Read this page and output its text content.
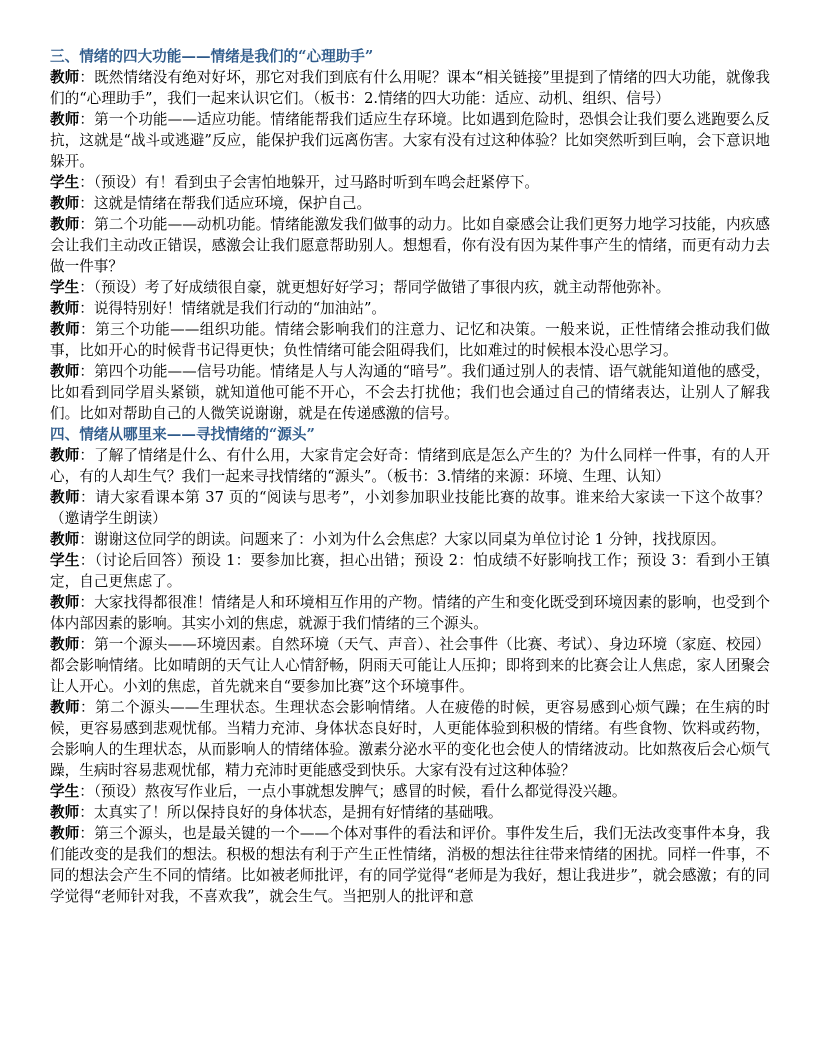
三、情绪的四大功能——情绪是我们的“心理助手”
教师：既然情绪没有绝对好坏，那它对我们到底有什么用呢？课本“相关链接”里提到了情绪的四大功能，就像我们的“心理助手”，我们一起来认识它们。（板书：2.情绪的四大功能：适应、动机、组织、信号）
教师：第一个功能——适应功能。情绪能帮我们适应生存环境。比如遇到危险时，恐惧会让我们要么逃跑要么反抗，这就是“战斗或逃避”反应，能保护我们远离伤害。大家有没有过这种体验？比如突然听到巨响，会下意识地躲开。
学生：（预设）有！看到虫子会害怕地躲开，过马路时听到车鸣会赶紧停下。
教师：这就是情绪在帮我们适应环境，保护自己。
教师：第二个功能——动机功能。情绪能激发我们做事的动力。比如自豪感会让我们更努力地学习技能，内疚感会让我们主动改正错误，感激会让我们愿意帮助别人。想想看，你有没有因为某件事产生的情绪，而更有动力去做一件事？
学生：（预设）考了好成绩很自豪，就更想好好学习；帮同学做错了事很内疚，就主动帮他弥补。
教师：说得特别好！情绪就是我们行动的“加油站”。
教师：第三个功能——组织功能。情绪会影响我们的注意力、记忆和决策。一般来说，正性情绪会推动我们做事，比如开心的时候背书记得更快；负性情绪可能会阻碍我们，比如难过的时候根本没心思学习。
教师：第四个功能——信号功能。情绪是人与人沟通的“暗号”。我们通过别人的表情、语气就能知道他的感受，比如看到同学眉头紧锁，就知道他可能不开心，不会去打扰他；我们也会通过自己的情绪表达，让别人了解我们。比如对帮助自己的人微笑说谢谢，就是在传递感激的信号。
四、情绪从哪里来——寻找情绪的“源头”
教师：了解了情绪是什么、有什么用，大家肯定会好奇：情绪到底是怎么产生的？为什么同样一件事，有的人开心，有的人却生气？我们一起来寻找情绪的“源头”。（板书：3.情绪的来源：环境、生理、认知）
教师：请大家看课本第 37 页的“阅读与思考”，小刘参加职业技能比赛的故事。谁来给大家读一下这个故事？（邀请学生朗读）
教师：谢谢这位同学的朗读。问题来了：小刘为什么会焦虑？大家以同桌为单位讨论 1 分钟，找找原因。
学生：（讨论后回答）预设 1：要参加比赛，担心出错；预设 2：怕成绩不好影响找工作；预设 3：看到小王镇定，自己更焦虑了。
教师：大家找得都很准！情绪是人和环境相互作用的产物。情绪的产生和变化既受到环境因素的影响，也受到个体内部因素的影响。其实小刘的焦虑，就源于我们情绪的三个源头。
教师：第一个源头——环境因素。自然环境（天气、声音）、社会事件（比赛、考试）、身边环境（家庭、校园）都会影响情绪。比如晴朗的天气让人心情舒畅，阴雨天可能让人压抑；即将到来的比赛会让人焦虑，家人团聚会让人开心。小刘的焦虑，首先就来自“要参加比赛”这个环境事件。
教师：第二个源头——生理状态。生理状态会影响情绪。人在疲倦的时候，更容易感到心烦气躁；在生病的时候，更容易感到悲观忧郁。当精力充沛、身体状态良好时，人更能体验到积极的情绪。有些食物、饮料或药物，会影响人的生理状态，从而影响人的情绪体验。激素分泌水平的变化也会使人的情绪波动。比如熬夜后会心烦气躁，生病时容易悲观忧郁，精力充沛时更能感受到快乐。大家有没有过这种体验？
学生：（预设）熬夜写作业后，一点小事就想发脾气；感冒的时候，看什么都觉得没兴趣。
教师：太真实了！所以保持良好的身体状态，是拥有好情绪的基础哦。
教师：第三个源头，也是最关键的一个——个体对事件的看法和评价。事件发生后，我们无法改变事件本身，我们能改变的是我们的想法。积极的想法有利于产生正性情绪，消极的想法往往带来情绪的困扰。同样一件事，不同的想法会产生不同的情绪。比如被老师批评，有的同学觉得“老师是为我好，想让我进步”，就会感激；有的同学觉得“老师针对我，不喜欢我”，就会生气。当把别人的批评和意
